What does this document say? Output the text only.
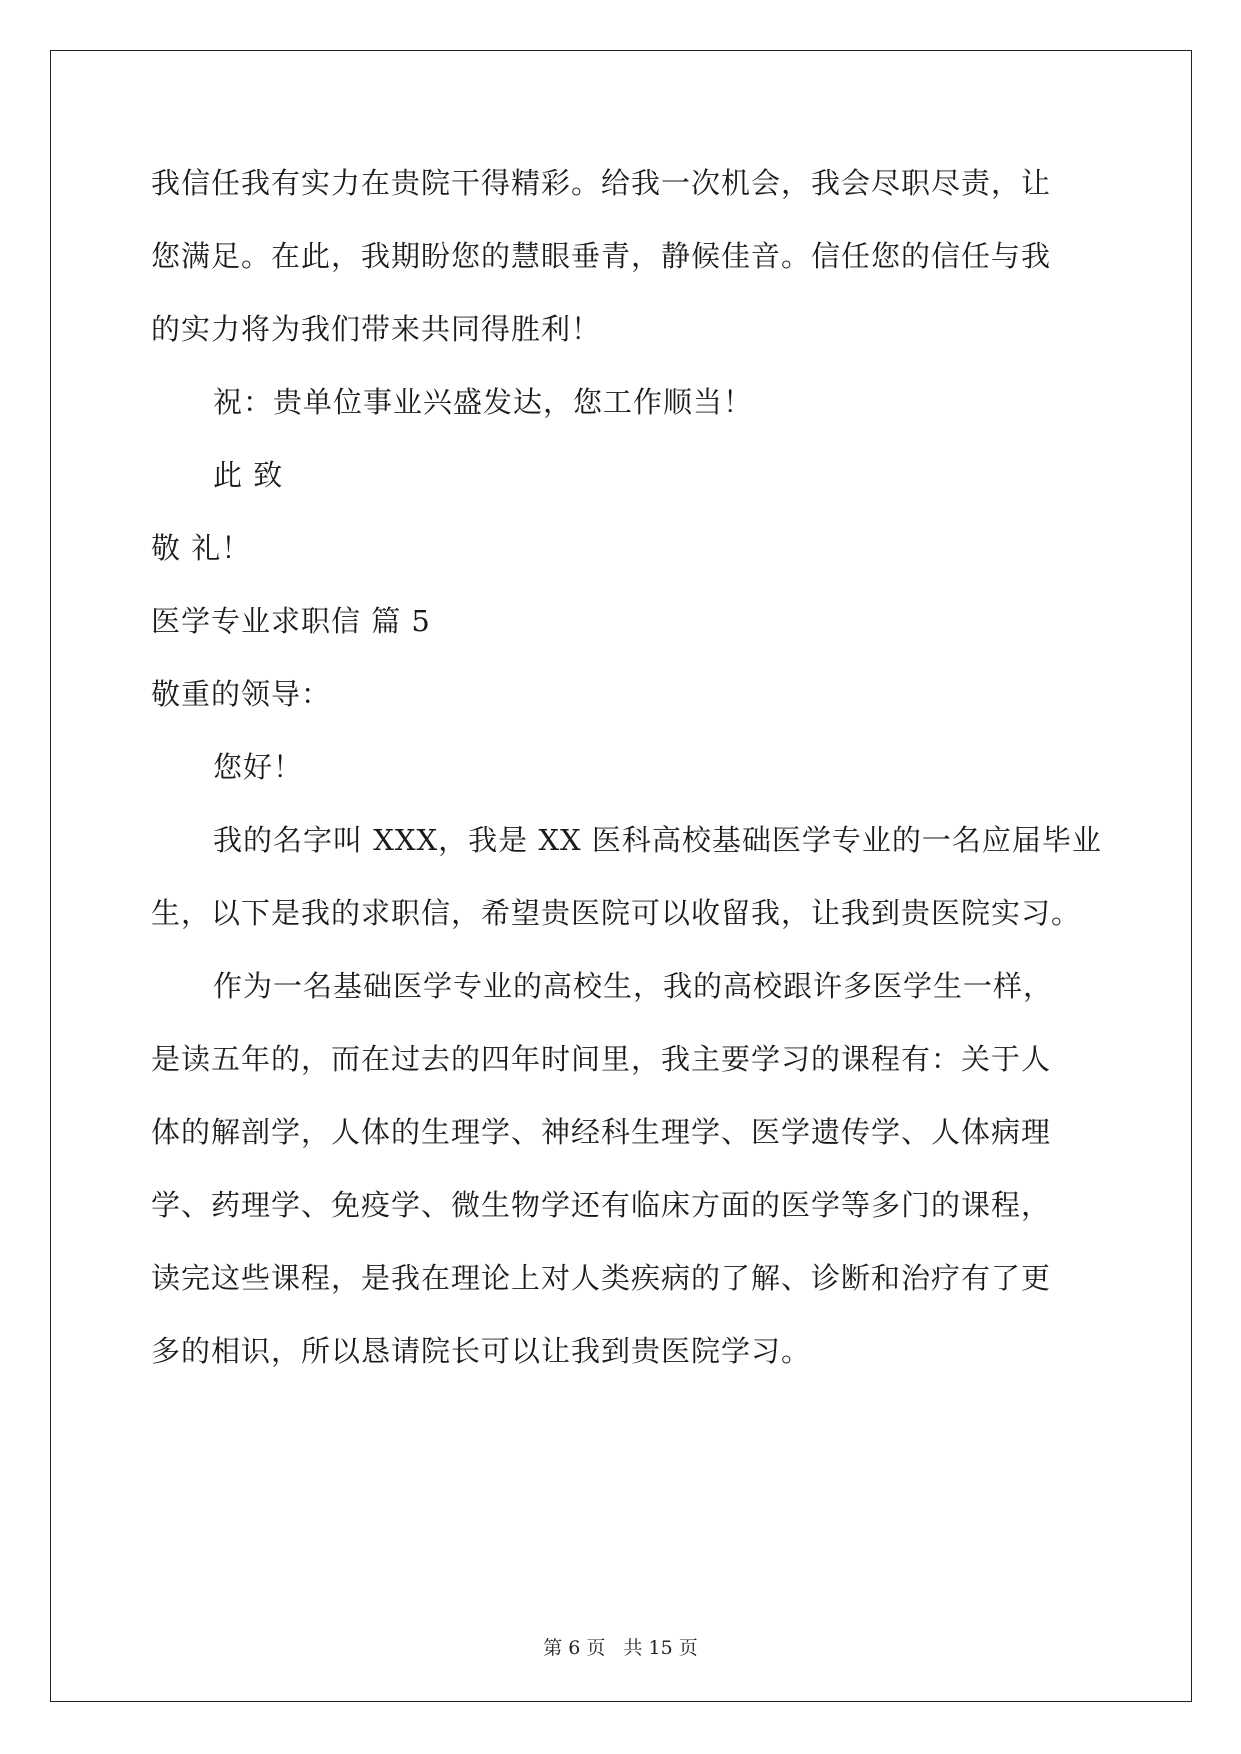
我信任我有实力在贵院干得精彩。给我一次机会，我会尽职尽责，让
您满足。在此，我期盼您的慧眼垂青，静候佳音。信任您的信任与我
的实力将为我们带来共同得胜利！
祝：贵单位事业兴盛发达，您工作顺当！
此 致
敬 礼！
医学专业求职信 篇 5
敬重的领导：
您好！
我的名字叫 XXX，我是 XX 医科高校基础医学专业的一名应届毕业
生，以下是我的求职信，希望贵医院可以收留我，让我到贵医院实习。
作为一名基础医学专业的高校生，我的高校跟许多医学生一样，
是读五年的，而在过去的四年时间里，我主要学习的课程有：关于人
体的解剖学，人体的生理学、神经科生理学、医学遗传学、人体病理
学、药理学、免疫学、微生物学还有临床方面的医学等多门的课程，
读完这些课程，是我在理论上对人类疾病的了解、诊断和治疗有了更
多的相识，所以恳请院长可以让我到贵医院学习。
第 6 页 共 15 页
